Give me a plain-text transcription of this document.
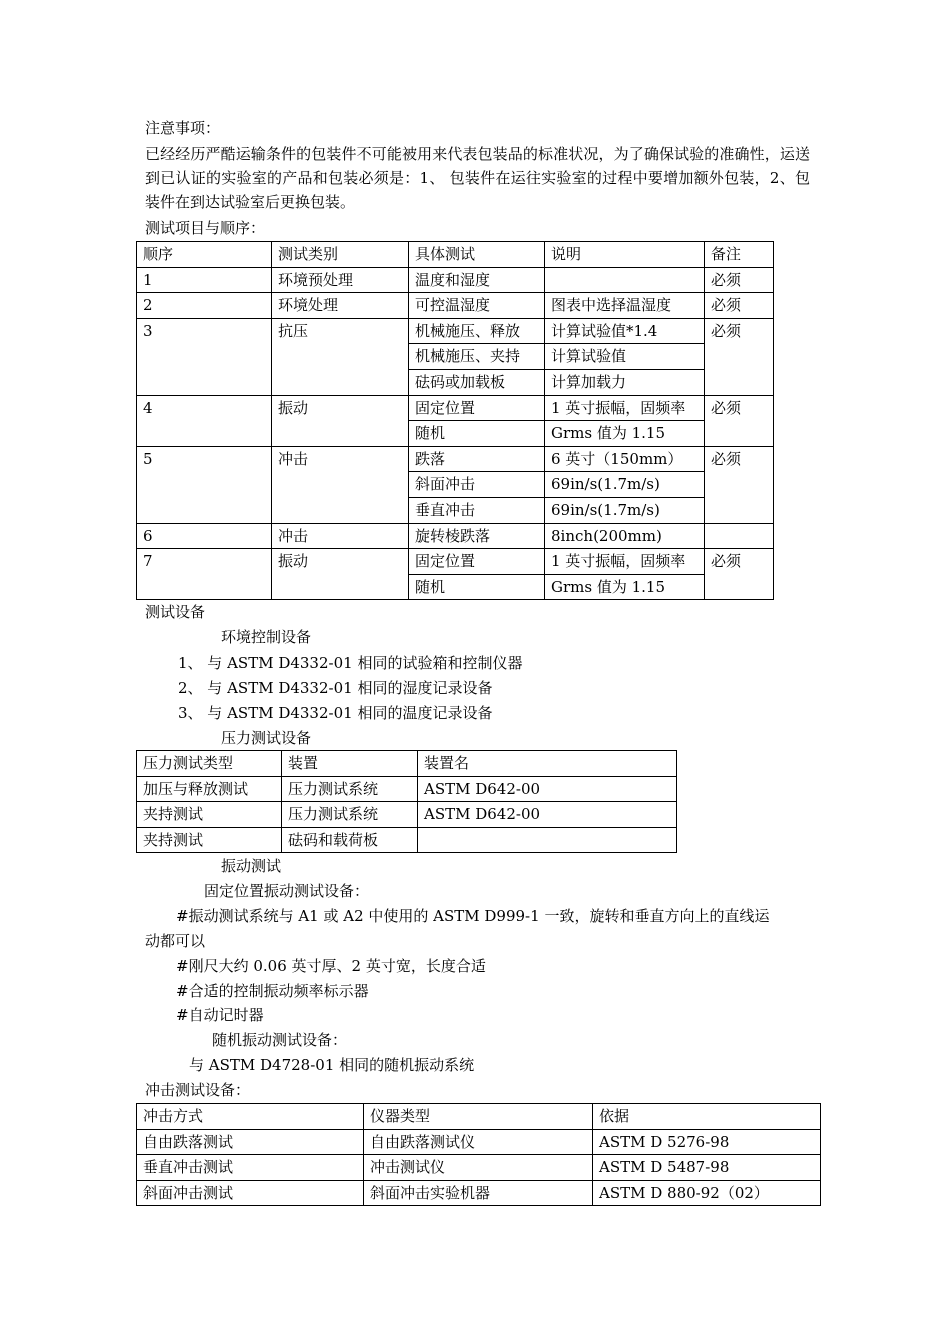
注意事项：
已经经历严酷运输条件的包装件不可能被用来代表包装品的标准状况，为了确保试验的准确性，运送到已认证的实验室的产品和包装必须是：1、 包装件在运往实验室的过程中要增加额外包装，2、包装件在到达试验室后更换包装。
测试项目与顺序：
顺序	测试类别	具体测试	说明	备注
1	环境预处理	温度和湿度		必须
2	环境处理	可控温湿度	图表中选择温湿度	必须
3	抗压	机械施压、释放	计算试验值*1.4	必须
		机械施压、夹持	计算试验值	
		砝码或加载板	计算加载力	
4	振动	固定位置	1 英寸振幅，固频率	必须
		随机	Grms 值为 1.15	
5	冲击	跌落	6 英寸（150mm）	必须
		斜面冲击	69in/s(1.7m/s)	
		垂直冲击	69in/s(1.7m/s)	
6	冲击	旋转棱跌落	8inch(200mm)	
7	振动	固定位置	1 英寸振幅，固频率	必须
		随机	Grms 值为 1.15	
测试设备
环境控制设备
1、 与 ASTM D4332-01 相同的试验箱和控制仪器
2、 与 ASTM D4332-01 相同的湿度记录设备
3、 与 ASTM D4332-01 相同的温度记录设备
压力测试设备
压力测试类型	装置	装置名
加压与释放测试	压力测试系统	ASTM D642-00
夹持测试	压力测试系统	ASTM D642-00
夹持测试	砝码和载荷板	
振动测试
固定位置振动测试设备：
#振动测试系统与 A1 或 A2 中使用的 ASTM D999-1 一致，旋转和垂直方向上的直线运
动都可以
#刚尺大约 0.06 英寸厚、2 英寸宽，长度合适
#合适的控制振动频率标示器
#自动记时器
随机振动测试设备：
与 ASTM D4728-01 相同的随机振动系统
冲击测试设备：
冲击方式	仪器类型	依据
自由跌落测试	自由跌落测试仪	ASTM D 5276-98
垂直冲击测试	冲击测试仪	ASTM D 5487-98
斜面冲击测试	斜面冲击实验机器	ASTM D 880-92（02）
